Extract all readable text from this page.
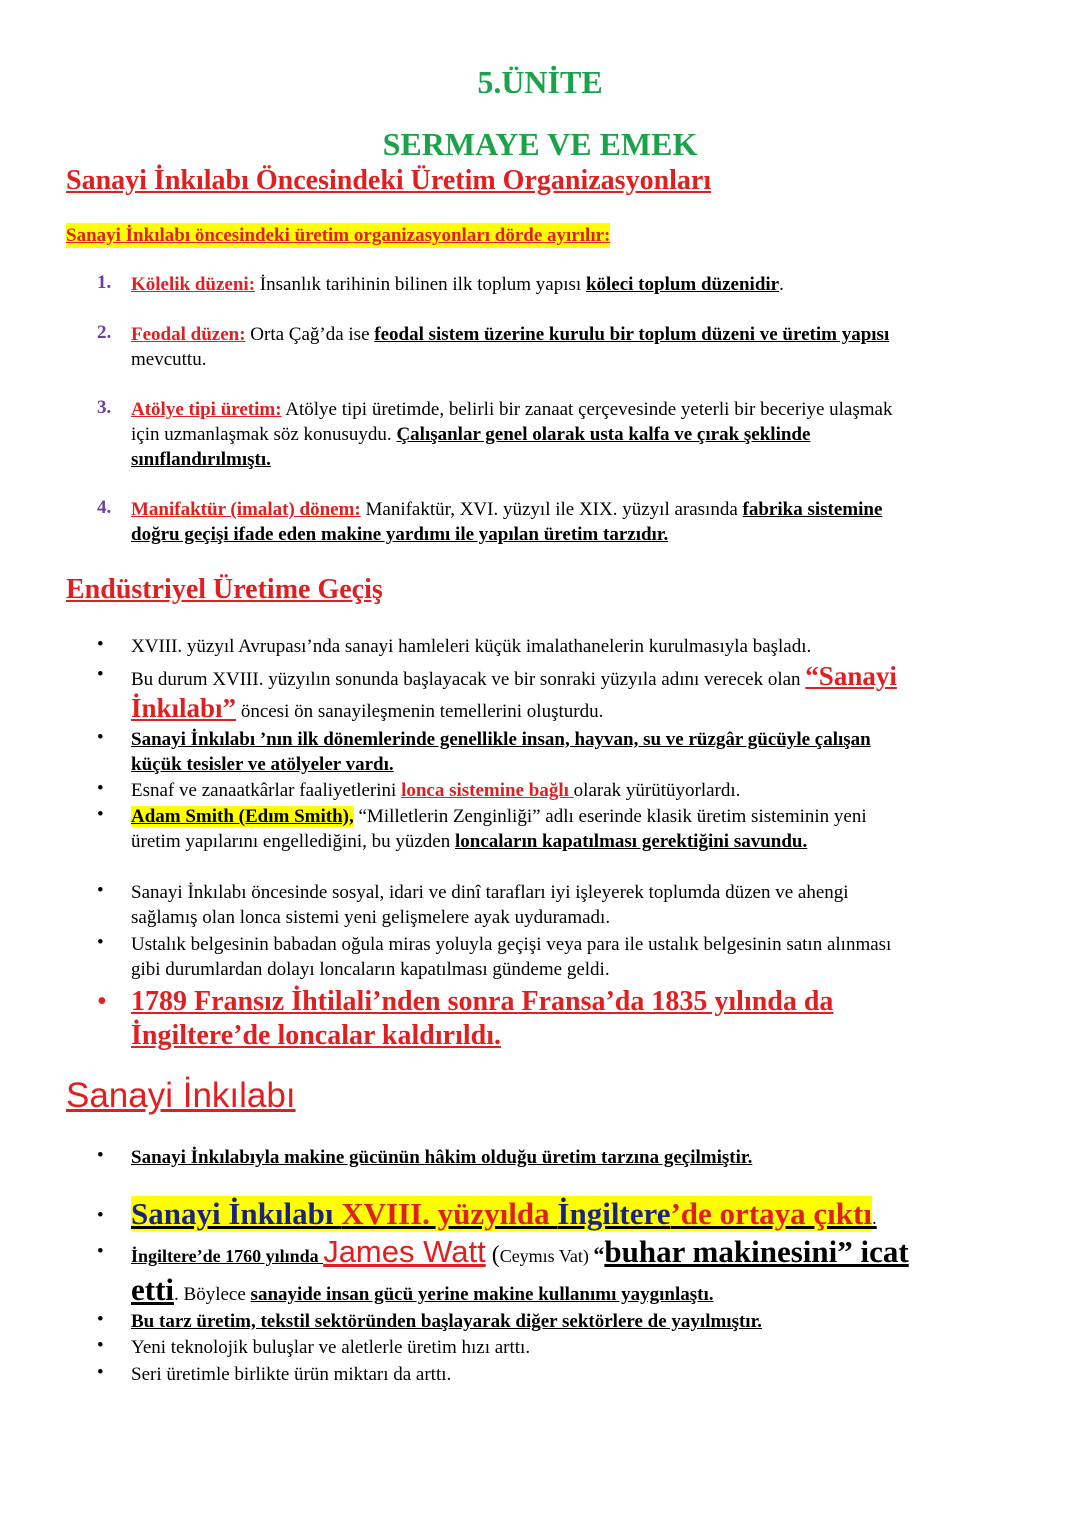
5.ÜNİTE
SERMAYE VE EMEK
Sanayi İnkılabı Öncesindeki Üretim Organizasyonları
Sanayi İnkılabı öncesindeki üretim organizasyonları dörde ayırılır:
1. Kölelik düzeni: İnsanlık tarihinin bilinen ilk toplum yapısı köleci toplum düzenidir.
2. Feodal düzen: Orta Çağ’da ise feodal sistem üzerine kurulu bir toplum düzeni ve üretim yapısı
mevcuttu.
3. Atölye tipi üretim: Atölye tipi üretimde, belirli bir zanaat çerçevesinde yeterli bir beceriye ulaşmak
için uzmanlaşmak söz konusuydu. Çalışanlar genel olarak usta kalfa ve çırak şeklinde
sınıflandırılmıştı.
4. Manifaktür (imalat) dönem: Manifaktür, XVI. yüzyıl ile XIX. yüzyıl arasında fabrika sistemine
doğru geçişi ifade eden makine yardımı ile yapılan üretim tarzıdır.
Endüstriyel Üretime Geçiş
• XVIII. yüzyıl Avrupası’nda sanayi hamleleri küçük imalathanelerin kurulmasıyla başladı.
• Bu durum XVIII. yüzyılın sonunda başlayacak ve bir sonraki yüzyıla adını verecek olan “Sanayi
İnkılabı” öncesi ön sanayileşmenin temellerini oluşturdu.
• Sanayi İnkılabı ’nın ilk dönemlerinde genellikle insan, hayvan, su ve rüzgâr gücüyle çalışan
küçük tesisler ve atölyeler vardı.
• Esnaf ve zanaatkârlar faaliyetlerini lonca sistemine bağlı olarak yürütüyorlardı.
• Adam Smith (Edım Smith), “Milletlerin Zenginliği” adlı eserinde klasik üretim sisteminin yeni
üretim yapılarını engellediğini, bu yüzden loncaların kapatılması gerektiğini savundu.
• Sanayi İnkılabı öncesinde sosyal, idari ve dinî tarafları iyi işleyerek toplumda düzen ve ahengi
sağlamış olan lonca sistemi yeni gelişmelere ayak uyduramadı.
• Ustalık belgesinin babadan oğula miras yoluyla geçişi veya para ile ustalık belgesinin satın alınması
gibi durumlardan dolayı loncaların kapatılması gündeme geldi.
• 1789 Fransız İhtilali’nden sonra Fransa’da 1835 yılında da
İngiltere’de loncalar kaldırıldı.
Sanayi İnkılabı
• Sanayi İnkılabıyla makine gücünün hâkim olduğu üretim tarzına geçilmiştir.
• Sanayi İnkılabı XVIII. yüzyılda İngiltere’de ortaya çıktı.
• İngiltere’de 1760 yılında James Watt (Ceymıs Vat) “buhar makinesini” icat
etti. Böylece sanayide insan gücü yerine makine kullanımı yaygınlaştı.
• Bu tarz üretim, tekstil sektöründen başlayarak diğer sektörlere de yayılmıştır.
• Yeni teknolojik buluşlar ve aletlerle üretim hızı arttı.
• Seri üretimle birlikte ürün miktarı da arttı.
